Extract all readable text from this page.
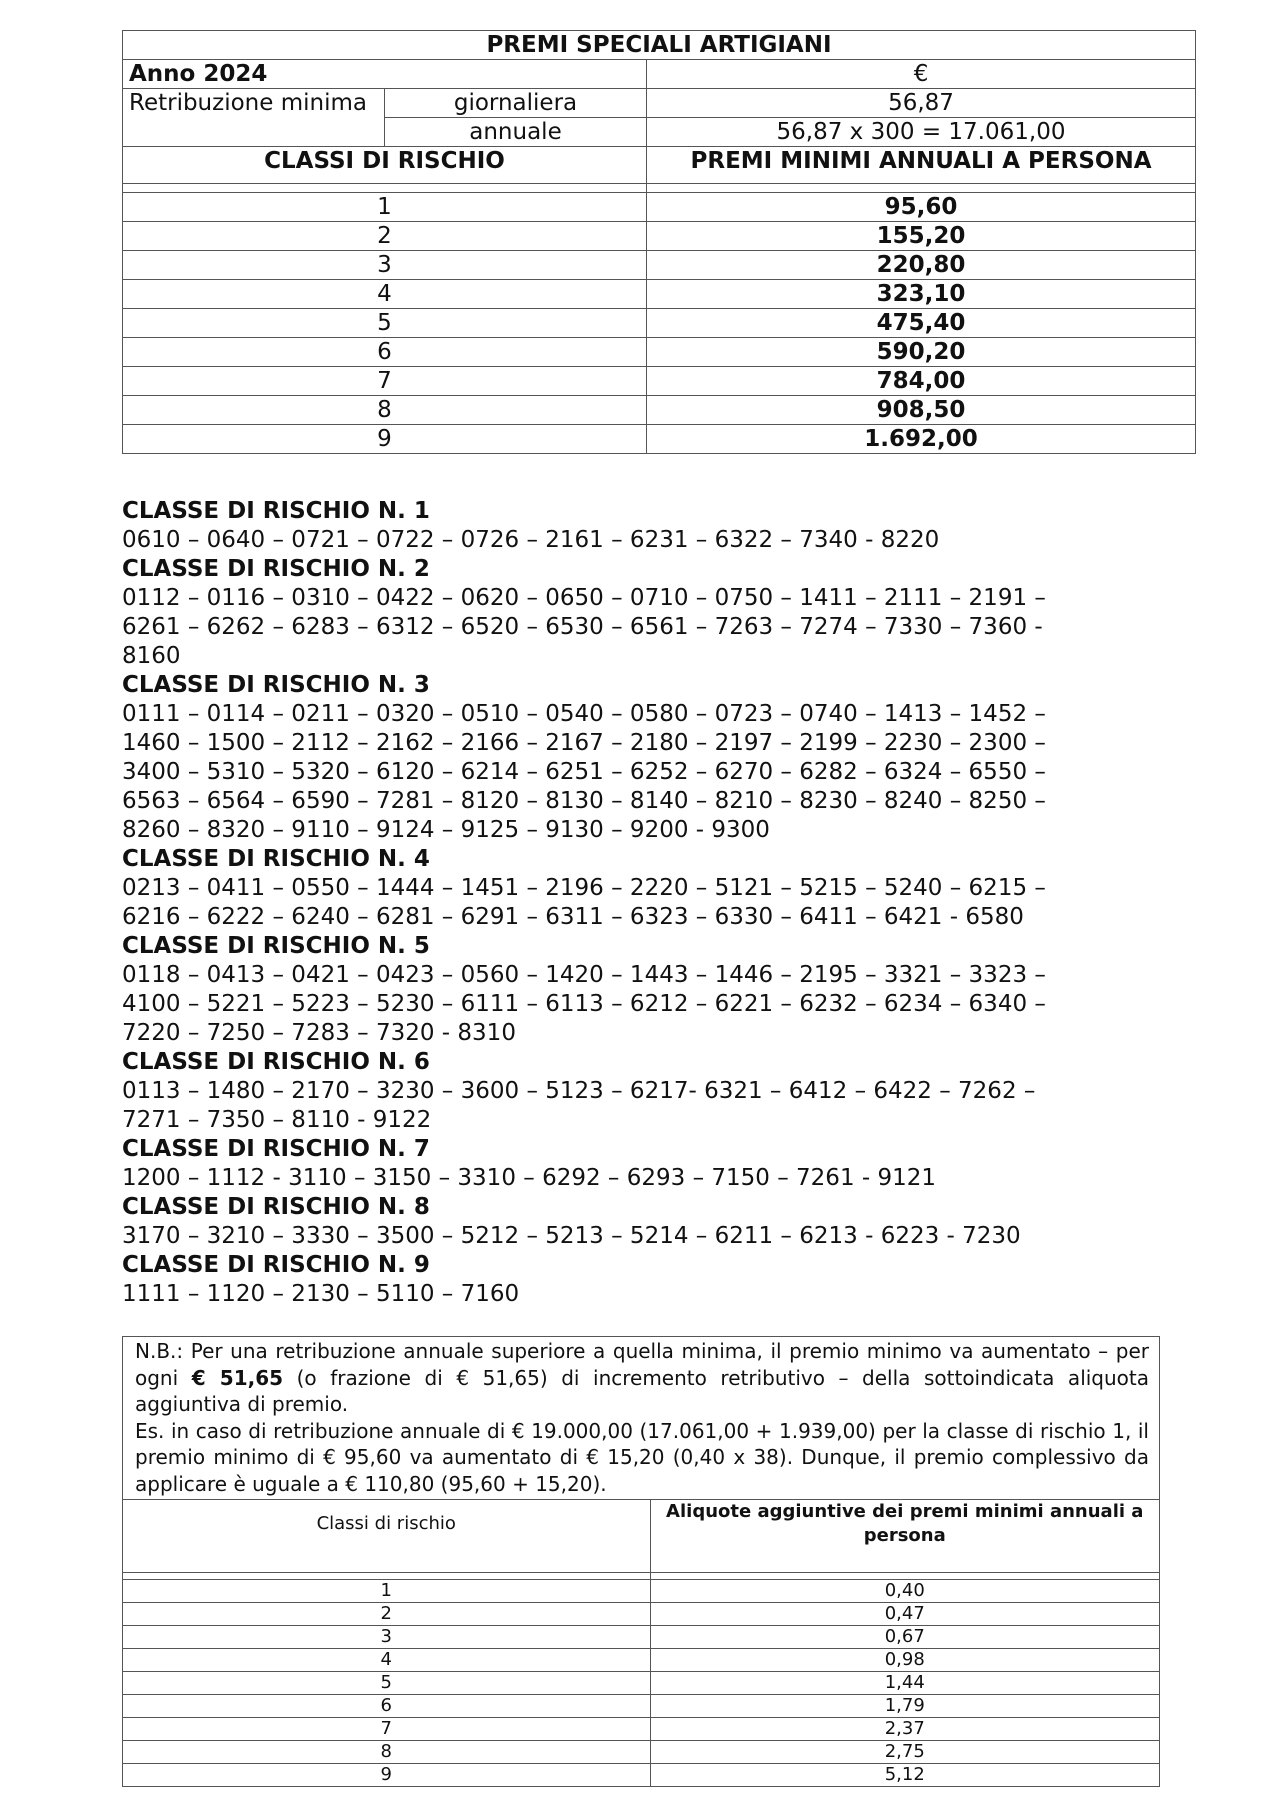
PREMI SPECIALI ARTIGIANI		
Anno 2024		€
Retribuzione minima	giornaliera	56,87
	annuale	56,87 x 300 = 17.061,00
CLASSI DI RISCHIO		PREMI MINIMI ANNUALI A PERSONA

1		95,60
2		155,20
3		220,80
4		323,10
5		475,40
6		590,20
7		784,00
8		908,50
9		1.692,00
CLASSE DI RISCHIO N. 1
0610 – 0640 – 0721 – 0722 – 0726 – 2161 – 6231 – 6322 – 7340 - 8220
CLASSE DI RISCHIO N. 2
0112 – 0116 – 0310 – 0422 – 0620 – 0650 – 0710 – 0750 – 1411 – 2111 – 2191 –
6261 – 6262 – 6283 – 6312 – 6520 – 6530 – 6561 – 7263 – 7274 – 7330 – 7360 -
8160
CLASSE DI RISCHIO N. 3
0111 – 0114 – 0211 – 0320 – 0510 – 0540 – 0580 – 0723 – 0740 – 1413 – 1452 –
1460 – 1500 – 2112 – 2162 – 2166 – 2167 – 2180 – 2197 – 2199 – 2230 – 2300 –
3400 – 5310 – 5320 – 6120 – 6214 – 6251 – 6252 – 6270 – 6282 – 6324 – 6550 –
6563 – 6564 – 6590 – 7281 – 8120 – 8130 – 8140 – 8210 – 8230 – 8240 – 8250 –
8260 – 8320 – 9110 – 9124 – 9125 – 9130 – 9200 - 9300
CLASSE DI RISCHIO N. 4
0213 – 0411 – 0550 – 1444 – 1451 – 2196 – 2220 – 5121 – 5215 – 5240 – 6215 –
6216 – 6222 – 6240 – 6281 – 6291 – 6311 – 6323 – 6330 – 6411 – 6421 - 6580
CLASSE DI RISCHIO N. 5
0118 – 0413 – 0421 – 0423 – 0560 – 1420 – 1443 – 1446 – 2195 – 3321 – 3323 –
4100 – 5221 – 5223 – 5230 – 6111 – 6113 – 6212 – 6221 – 6232 – 6234 – 6340 –
7220 – 7250 – 7283 – 7320 - 8310
CLASSE DI RISCHIO N. 6
0113 – 1480 – 2170 – 3230 – 3600 – 5123 – 6217- 6321 – 6412 – 6422 – 7262 –
7271 – 7350 – 8110 - 9122
CLASSE DI RISCHIO N. 7
1200 – 1112 - 3110 – 3150 – 3310 – 6292 – 6293 – 7150 – 7261 - 9121
CLASSE DI RISCHIO N. 8
3170 – 3210 – 3330 – 3500 – 5212 – 5213 – 5214 – 6211 – 6213 - 6223 - 7230
CLASSE DI RISCHIO N. 9
1111 – 1120 – 2130 – 5110 – 7160

N.B.: Per una retribuzione annuale superiore a quella minima, il premio minimo va aumentato – per ogni € 51,65 (o frazione di € 51,65) di incremento retributivo – della sottoindicata aliquota aggiuntiva di premio.

Es. in caso di retribuzione annuale di € 19.000,00 (17.061,00 + 1.939,00) per la classe di rischio 1, il premio minimo di € 95,60 va aumentato di € 15,20 (0,40 x 38). Dunque, il premio complessivo da applicare è uguale a € 110,80 (95,60 + 15,20).

Classi di rischio	Aliquote aggiuntive dei premi minimi annuali a persona

1	0,40
2	0,47
3	0,67
4	0,98
5	1,44
6	1,79
7	2,37
8	2,75
9	5,12
